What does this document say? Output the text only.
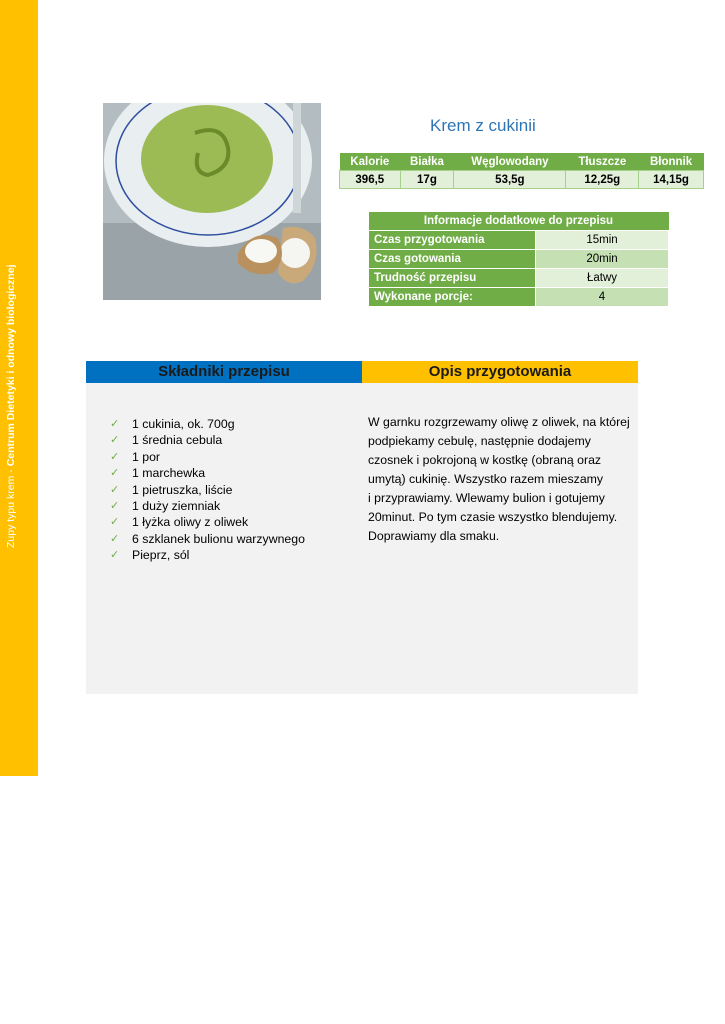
Zupy typu krem - Centrum Dietetyki i odnowy biologicznej
Krem z cukinii
Kalorie	Białka	Węglowodany	Tłuszcze	Błonnik
396,5	17g	53,5g	12,25g	14,15g
Informacje dodatkowe do przepisu	
Czas przygotowania	15min
Czas gotowania	20min
Trudność przepisu	Łatwy
Wykonane porcje:	4
Składniki przepisu	Opis przygotowania
✓	1 cukinia, ok. 700g
✓	1 średnia cebula
✓	1 por
✓	1 marchewka
✓	1 pietruszka, liście
✓	1 duży ziemniak
✓	1 łyżka oliwy z oliwek
✓	6 szklanek bulionu warzywnego
✓	Pieprz, sól
W garnku rozgrzewamy oliwę z oliwek, na której
podpiekamy cebulę, następnie dodajemy
czosnek i pokrojoną w kostkę (obraną oraz
umytą) cukinię. Wszystko razem mieszamy
i przyprawiamy. Wlewamy bulion i gotujemy
20minut. Po tym czasie wszystko blendujemy.
Doprawiamy dla smaku.
